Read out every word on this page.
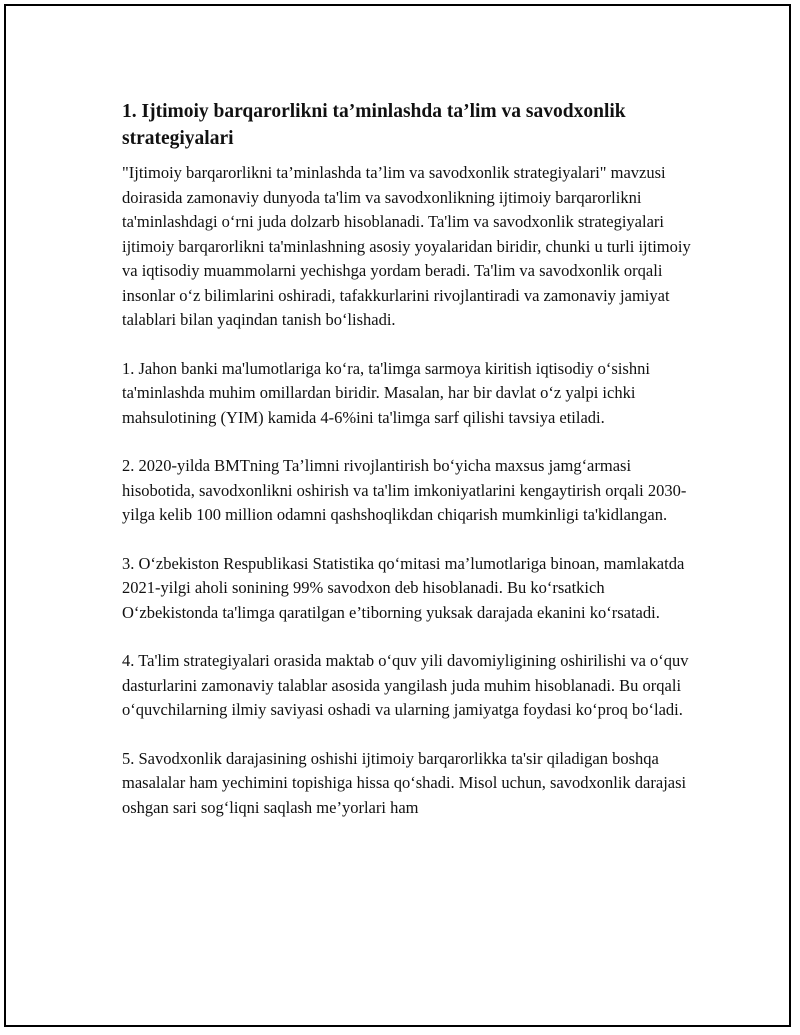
1. Ijtimoiy barqarorlikni ta’minlashda ta’lim va savodxonlik strategiyalari

"Ijtimoiy barqarorlikni ta’minlashda ta’lim va savodxonlik strategiyalari" mavzusi doirasida zamonaviy dunyoda ta'lim va savodxonlikning ijtimoiy barqarorlikni ta'minlashdagi o‘rni juda dolzarb hisoblanadi. Ta'lim va savodxonlik strategiyalari ijtimoiy barqarorlikni ta'minlashning asosiy yoyalaridan biridir, chunki u turli ijtimoiy va iqtisodiy muammolarni yechishga yordam beradi. Ta'lim va savodxonlik orqali insonlar o‘z bilimlarini oshiradi, tafakkurlarini rivojlantiradi va zamonaviy jamiyat talablari bilan yaqindan tanish bo‘lishadi.

1. Jahon banki ma'lumotlariga ko‘ra, ta'limga sarmoya kiritish iqtisodiy o‘sishni ta'minlashda muhim omillardan biridir. Masalan, har bir davlat o‘z yalpi ichki mahsulotining (YIM) kamida 4-6%ini ta'limga sarf qilishi tavsiya etiladi.

2. 2020-yilda BMTning Ta’limni rivojlantirish bo‘yicha maxsus jamg‘armasi hisobotida, savodxonlikni oshirish va ta'lim imkoniyatlarini kengaytirish orqali 2030-yilga kelib 100 million odamni qashshoqlikdan chiqarish mumkinligi ta'kidlangan.

3. O‘zbekiston Respublikasi Statistika qo‘mitasi ma’lumotlariga binoan, mamlakatda 2021-yilgi aholi sonining 99% savodxon deb hisoblanadi. Bu ko‘rsatkich O‘zbekistonda ta'limga qaratilgan e’tiborning yuksak darajada ekanini ko‘rsatadi.

4. Ta'lim strategiyalari orasida maktab o‘quv yili davomiyligining oshirilishi va o‘quv dasturlarini zamonaviy talablar asosida yangilash juda muhim hisoblanadi. Bu orqali o‘quvchilarning ilmiy saviyasi oshadi va ularning jamiyatga foydasi ko‘proq bo‘ladi.

5. Savodxonlik darajasining oshishi ijtimoiy barqarorlikka ta'sir qiladigan boshqa masalalar ham yechimini topishiga hissa qo‘shadi. Misol uchun, savodxonlik darajasi oshgan sari sog‘liqni saqlash me’yorlari ham
